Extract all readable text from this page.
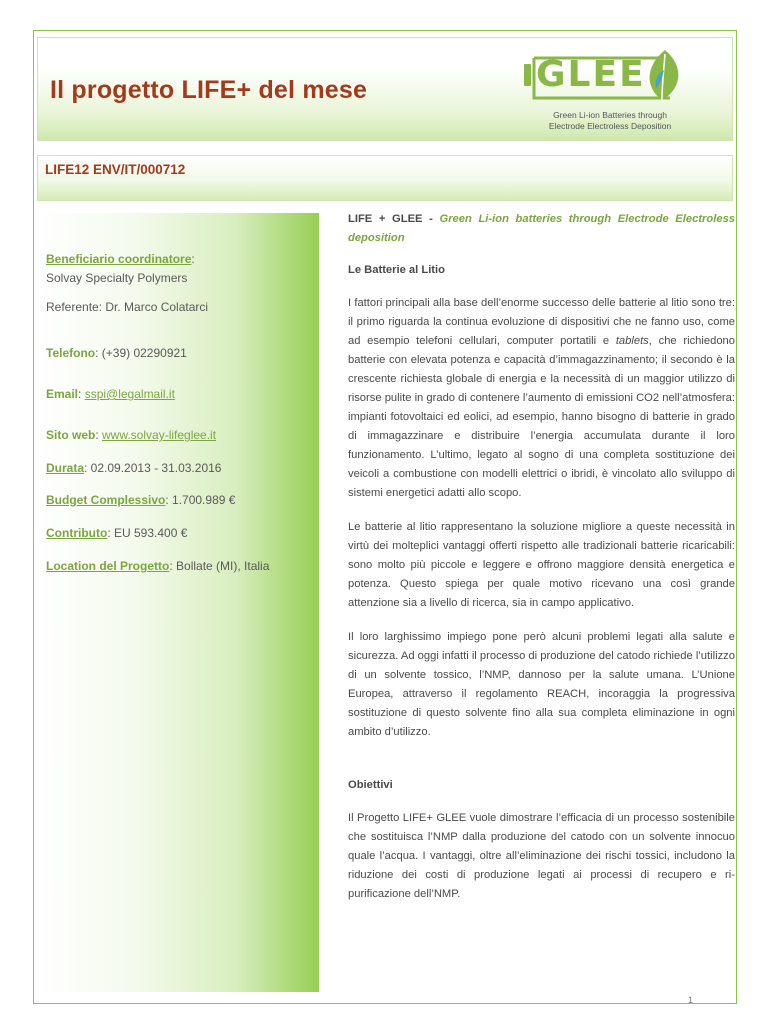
Il progetto LIFE+ del mese	GLEE
Green Li-ion Batteries through
Electrode Electroless Deposition
LIFE12 ENV/IT/000712
Beneficiario coordinatore:
Solvay Specialty Polymers
Referente: Dr. Marco Colatarci
Telefono: (+39) 02290921
Email: sspi@legalmail.it
Sito web: www.solvay-lifeglee.it
Durata: 02.09.2013 - 31.03.2016
Budget Complessivo: 1.700.989 €
Contributo: EU 593.400 €
Location del Progetto: Bollate (MI), Italia

LIFE + GLEE - Green Li-ion batteries through Electrode Electroless deposition

Le Batterie al Litio

I fattori principali alla base dell’enorme successo delle batterie al litio sono tre: il primo riguarda la continua evoluzione di dispositivi che ne fanno uso, come ad esempio telefoni cellulari, computer portatili e tablets, che richiedono batterie con elevata potenza e capacità d’immagazzinamento; il secondo è la crescente richiesta globale di energia e la necessità di un maggior utilizzo di risorse pulite in grado di contenere l’aumento di emissioni CO2 nell’atmosfera: impianti fotovoltaici ed eolici, ad esempio, hanno bisogno di batterie in grado di immagazzinare e distribuire l’energia accumulata durante il loro funzionamento. L’ultimo, legato al sogno di una completa sostituzione dei veicoli a combustione con modelli elettrici o ibridi, è vincolato allo sviluppo di sistemi energetici adatti allo scopo.

Le batterie al litio rappresentano la soluzione migliore a queste necessità in virtù dei molteplici vantaggi offerti rispetto alle tradizionali batterie ricaricabili: sono molto più piccole e leggere e offrono maggiore densità energetica e potenza. Questo spiega per quale motivo ricevano una così grande attenzione sia a livello di ricerca, sia in campo applicativo.

Il loro larghissimo impiego pone però alcuni problemi legati alla salute e sicurezza. Ad oggi infatti il processo di produzione del catodo richiede l’utilizzo di un solvente tossico, l’NMP, dannoso per la salute umana. L’Unione Europea, attraverso il regolamento REACH, incoraggia la progressiva sostituzione di questo solvente fino alla sua completa eliminazione in ogni ambito d’utilizzo.

Obiettivi

Il Progetto LIFE+ GLEE vuole dimostrare l’efficacia di un processo sostenibile che sostituisca l’NMP dalla produzione del catodo con un solvente innocuo quale l’acqua. I vantaggi, oltre all’eliminazione dei rischi tossici, includono la riduzione dei costi di produzione legati ai processi di recupero e ri-purificazione dell’NMP.

1
